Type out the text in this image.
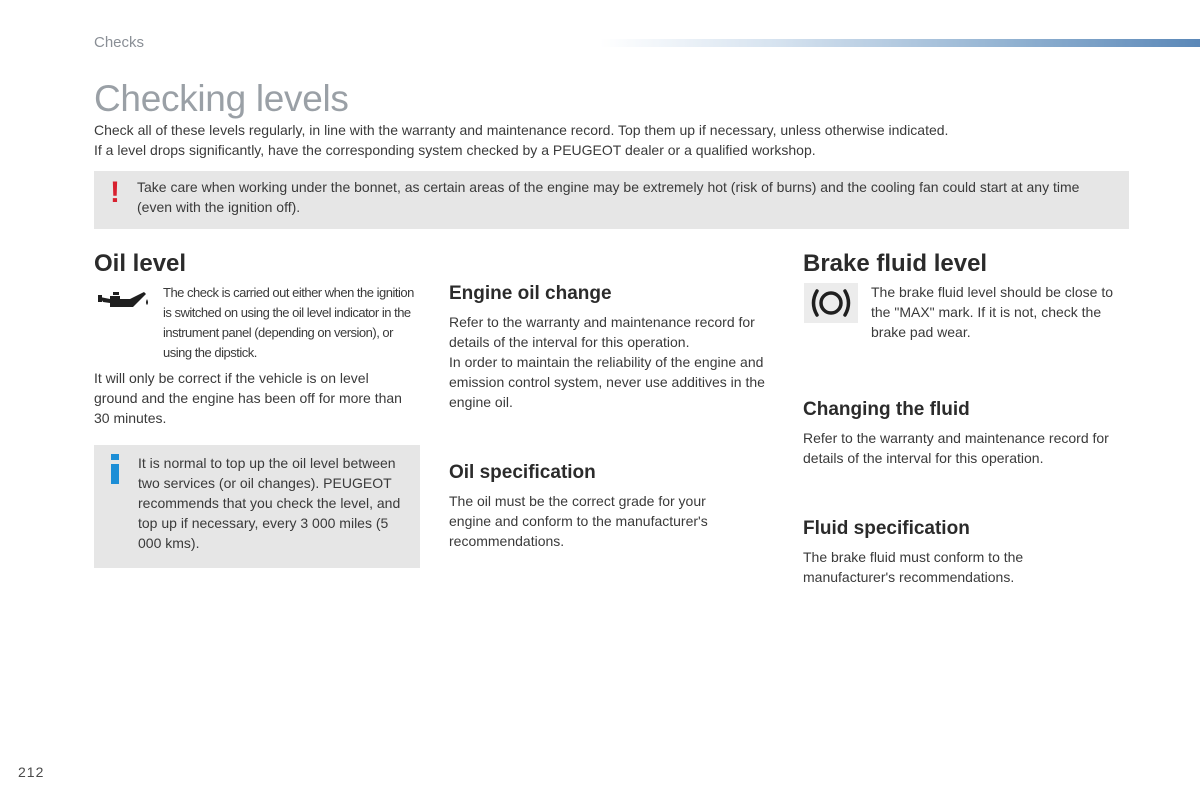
Checks
Checking levels
Check all of these levels regularly, in line with the warranty and maintenance record. Top them up if necessary, unless otherwise indicated.
If a level drops significantly, have the corresponding system checked by a PEUGEOT dealer or a qualified workshop.
! Take care when working under the bonnet, as certain areas of the engine may be extremely hot (risk of burns) and the cooling fan could start at any time (even with the ignition off).
Oil level
The check is carried out either when the ignition is switched on using the oil level indicator in the instrument panel (depending on version), or using the dipstick.
It will only be correct if the vehicle is on level ground and the engine has been off for more than 30 minutes.
It is normal to top up the oil level between two services (or oil changes). PEUGEOT recommends that you check the level, and top up if necessary, every 3 000 miles (5 000 kms).
Engine oil change
Refer to the warranty and maintenance record for details of the interval for this operation.
In order to maintain the reliability of the engine and emission control system, never use additives in the engine oil.
Oil specification
The oil must be the correct grade for your engine and conform to the manufacturer's recommendations.
Brake fluid level
The brake fluid level should be close to the "MAX" mark. If it is not, check the brake pad wear.
Changing the fluid
Refer to the warranty and maintenance record for details of the interval for this operation.
Fluid specification
The brake fluid must conform to the manufacturer's recommendations.
212
